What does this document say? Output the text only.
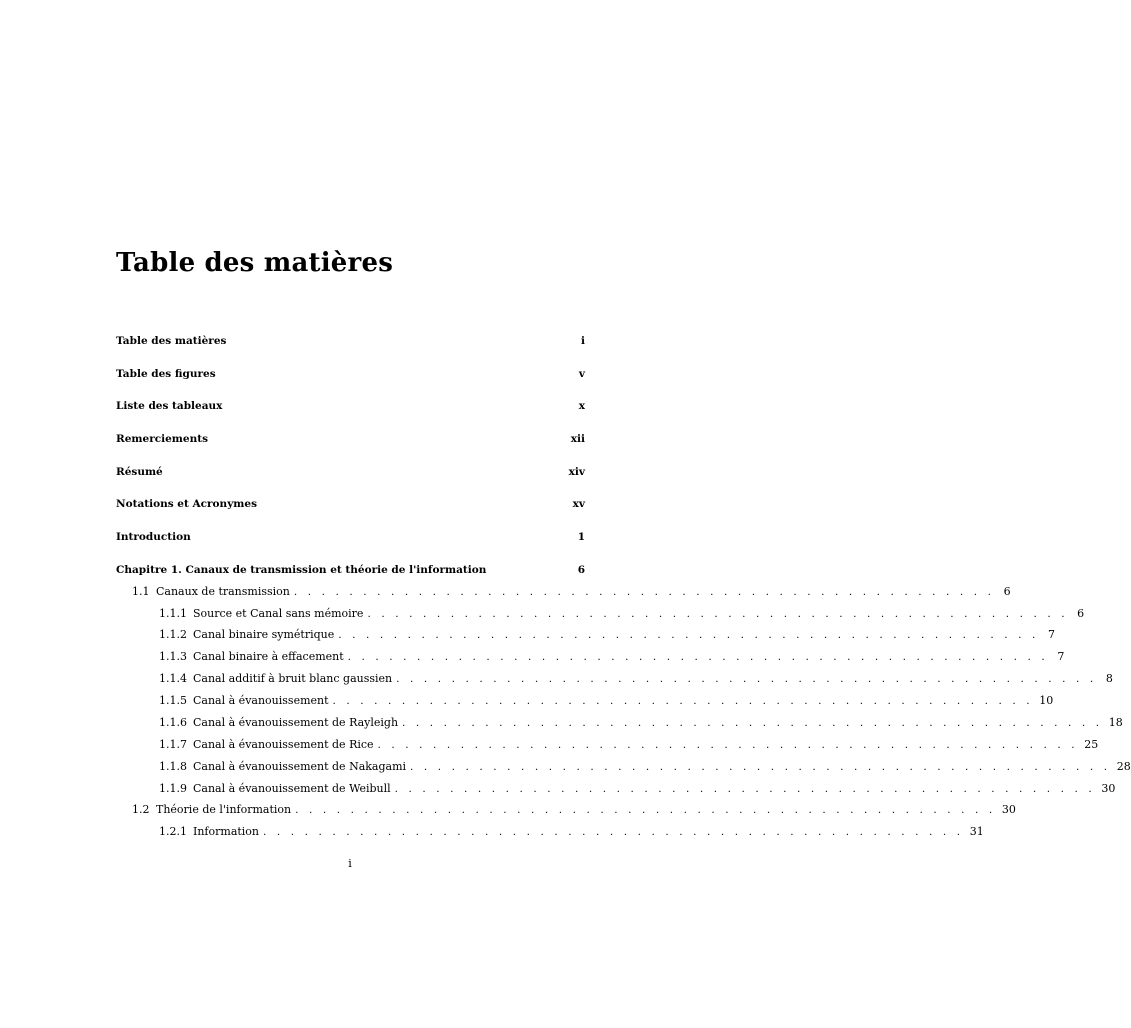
Table des matières
Table des matières	i
Table des figures	v
Liste des tableaux	x
Remerciements	xii
Résumé	xiv
Notations et Acronymes	xv
Introduction	1
Chapitre 1. Canaux de transmission et théorie de l'information	6
1.1 Canaux de transmission . . . . . . . . . . . . . . . . . . . . . . . . . . . . . . . . . . . . . . . . . . . . . . . . . . . 6
1.1.1 Source et Canal sans mémoire . . . . . . . . . . . . . . . . . . . . . . . . . . . . . . . . . . . . . . . . . . . . . . . . . . . 6
1.1.2 Canal binaire symétrique . . . . . . . . . . . . . . . . . . . . . . . . . . . . . . . . . . . . . . . . . . . . . . . . . . . 7
1.1.3 Canal binaire à effacement . . . . . . . . . . . . . . . . . . . . . . . . . . . . . . . . . . . . . . . . . . . . . . . . . . . 7
1.1.4 Canal additif à bruit blanc gaussien . . . . . . . . . . . . . . . . . . . . . . . . . . . . . . . . . . . . . . . . . . . . . . . . . . . 8
1.1.5 Canal à évanouissement . . . . . . . . . . . . . . . . . . . . . . . . . . . . . . . . . . . . . . . . . . . . . . . . . . . 10
1.1.6 Canal à évanouissement de Rayleigh . . . . . . . . . . . . . . . . . . . . . . . . . . . . . . . . . . . . . . . . . . . . . . . . . . . 18
1.1.7 Canal à évanouissement de Rice . . . . . . . . . . . . . . . . . . . . . . . . . . . . . . . . . . . . . . . . . . . . . . . . . . . 25
1.1.8 Canal à évanouissement de Nakagami . . . . . . . . . . . . . . . . . . . . . . . . . . . . . . . . . . . . . . . . . . . . . . . . . . . 28
1.1.9 Canal à évanouissement de Weibull . . . . . . . . . . . . . . . . . . . . . . . . . . . . . . . . . . . . . . . . . . . . . . . . . . . 30
1.2 Théorie de l'information . . . . . . . . . . . . . . . . . . . . . . . . . . . . . . . . . . . . . . . . . . . . . . . . . . . 30
1.2.1 Information . . . . . . . . . . . . . . . . . . . . . . . . . . . . . . . . . . . . . . . . . . . . . . . . . . . 31
i
